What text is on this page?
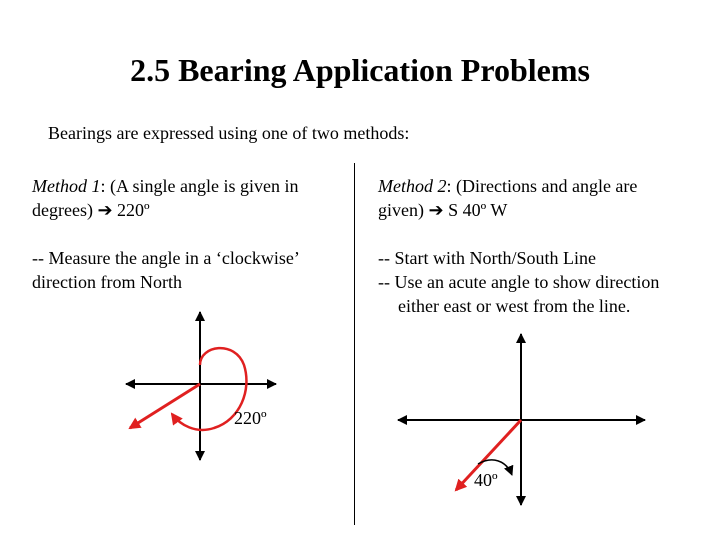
2.5 Bearing Application Problems
Bearings are expressed using one of two methods:
Method 1: (A single angle is given in
degrees) ➔ 220º
-- Measure the angle in a ‘clockwise’
direction from North
Method 2: (Directions and angle are
given) ➔ S 40º W
-- Start with North/South Line
-- Use an acute angle to show direction
either east or west from the line.
220º
40º
